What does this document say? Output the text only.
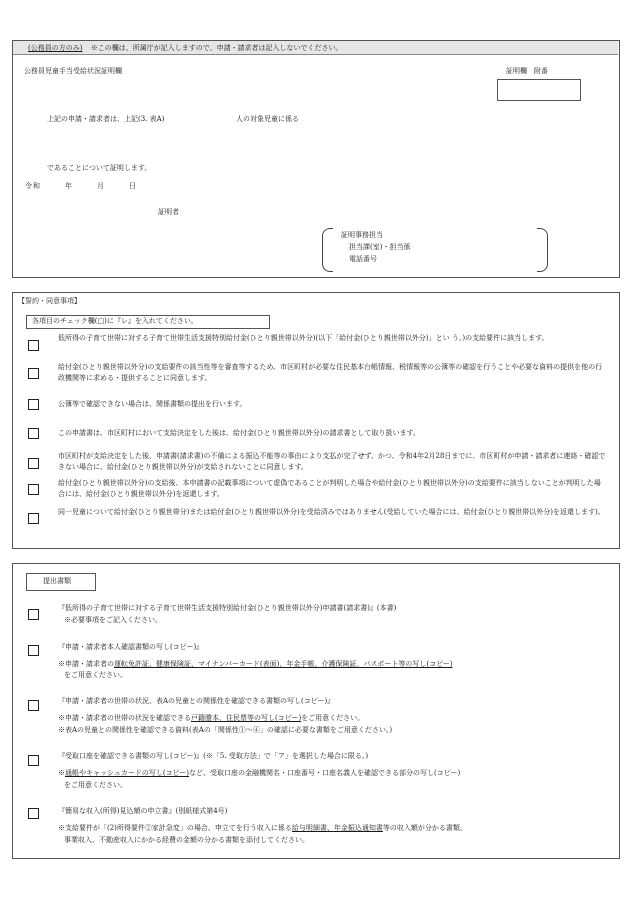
(公務員の方のみ) ※この欄は、所属庁が記入しますので、申請・請求者は記入しないでください。
公務員児童手当受給状況証明欄	証明欄　附番
上記の申請・請求者は、上記(3. 表A)	人の対象児童に係る
であることについて証明します。
令和　　　年　　　月　　　日
証明者
証明事務担当
担当課(室)・担当係
電話番号
【誓約・同意事項】
各項目のチェック欄(□)に『レ』を入れてください。
低所得の子育て世帯に対する子育て世帯生活支援特別給付金(ひとり親世帯以外分)(以下「給付金(ひとり親世帯以外分)」とい う。)の支給要件に該当します。
給付金(ひとり親世帯以外分)の支給要件の該当性等を審査等するため、市区町村が必要な住民基本台帳情報、税情報等の公簿等の確認を行うことや必要な資料の提供を他の行政機関等に求める・提供することに同意します。
公簿等で確認できない場合は、関係書類の提出を行います。
この申請書は、市区町村において支給決定をした後は、給付金(ひとり親世帯以外分)の請求書として取り扱います。
市区町村が支給決定をした後、申請書(請求書)の不備による振込不能等の事由により支払が完了せず、かつ、令和4年2月28日までに、市区町村が申請・請求者に連絡・確認できない場合に、給付金(ひとり親世帯以外分)が支給されないことに同意します。
給付金(ひとり親世帯以外分)の支給後、本申請書の記載事項について虚偽であることが判明した場合や給付金(ひとり親世帯以外分)の支給要件に該当しないことが判明した場合には、給付金(ひとり親世帯以外分)を返還します。
同一児童について給付金(ひとり親世帯分)または給付金(ひとり親世帯以外分)を受給済みではありません(受給していた場合には、給付金(ひとり親世帯以外分)を返還します)。
提出書類
『低所得の子育て世帯に対する子育て世帯生活支援特別給付金(ひとり親世帯以外分)申請書(請求書)』(本書)
※必要事項をご記入ください。
『申請・請求者本人確認書類の写し(コピー)』
※申請・請求者の運転免許証、健康保険証、マイナンバーカード(表面)、年金手帳、介護保険証、パスポート等の写し(コピー)
をご用意ください。
『申請・請求者の世帯の状況、表Aの児童との関係性を確認できる書類の写し(コピー)』
※申請・請求者の世帯の状況を確認できる戸籍謄本、住民票等の写し(コピー)をご用意ください。
※表Aの児童との関係性を確認できる資料(表Aの「関係性①～④」の確認に必要な書類をご用意ください。)
『受取口座を確認できる書類の写し(コピー)』(※「5. 受取方法」で「ア」を選択した場合に限る。)
※通帳やキャッシュカードの写し(コピー)など、受取口座の金融機関名・口座番号・口座名義人を確認できる部分の写し(コピー)
をご用意ください。
『簡易な収入(所得)見込額の申立書』(別紙様式第4号)
※支給要件が「(2)所得要件②家計急変」の場合、申立てを行う収入に係る給与明細書、年金振込通知書等の収入額が分かる書類、
事業収入、不動産収入にかかる経費の金額の分かる書類を添付してください。
